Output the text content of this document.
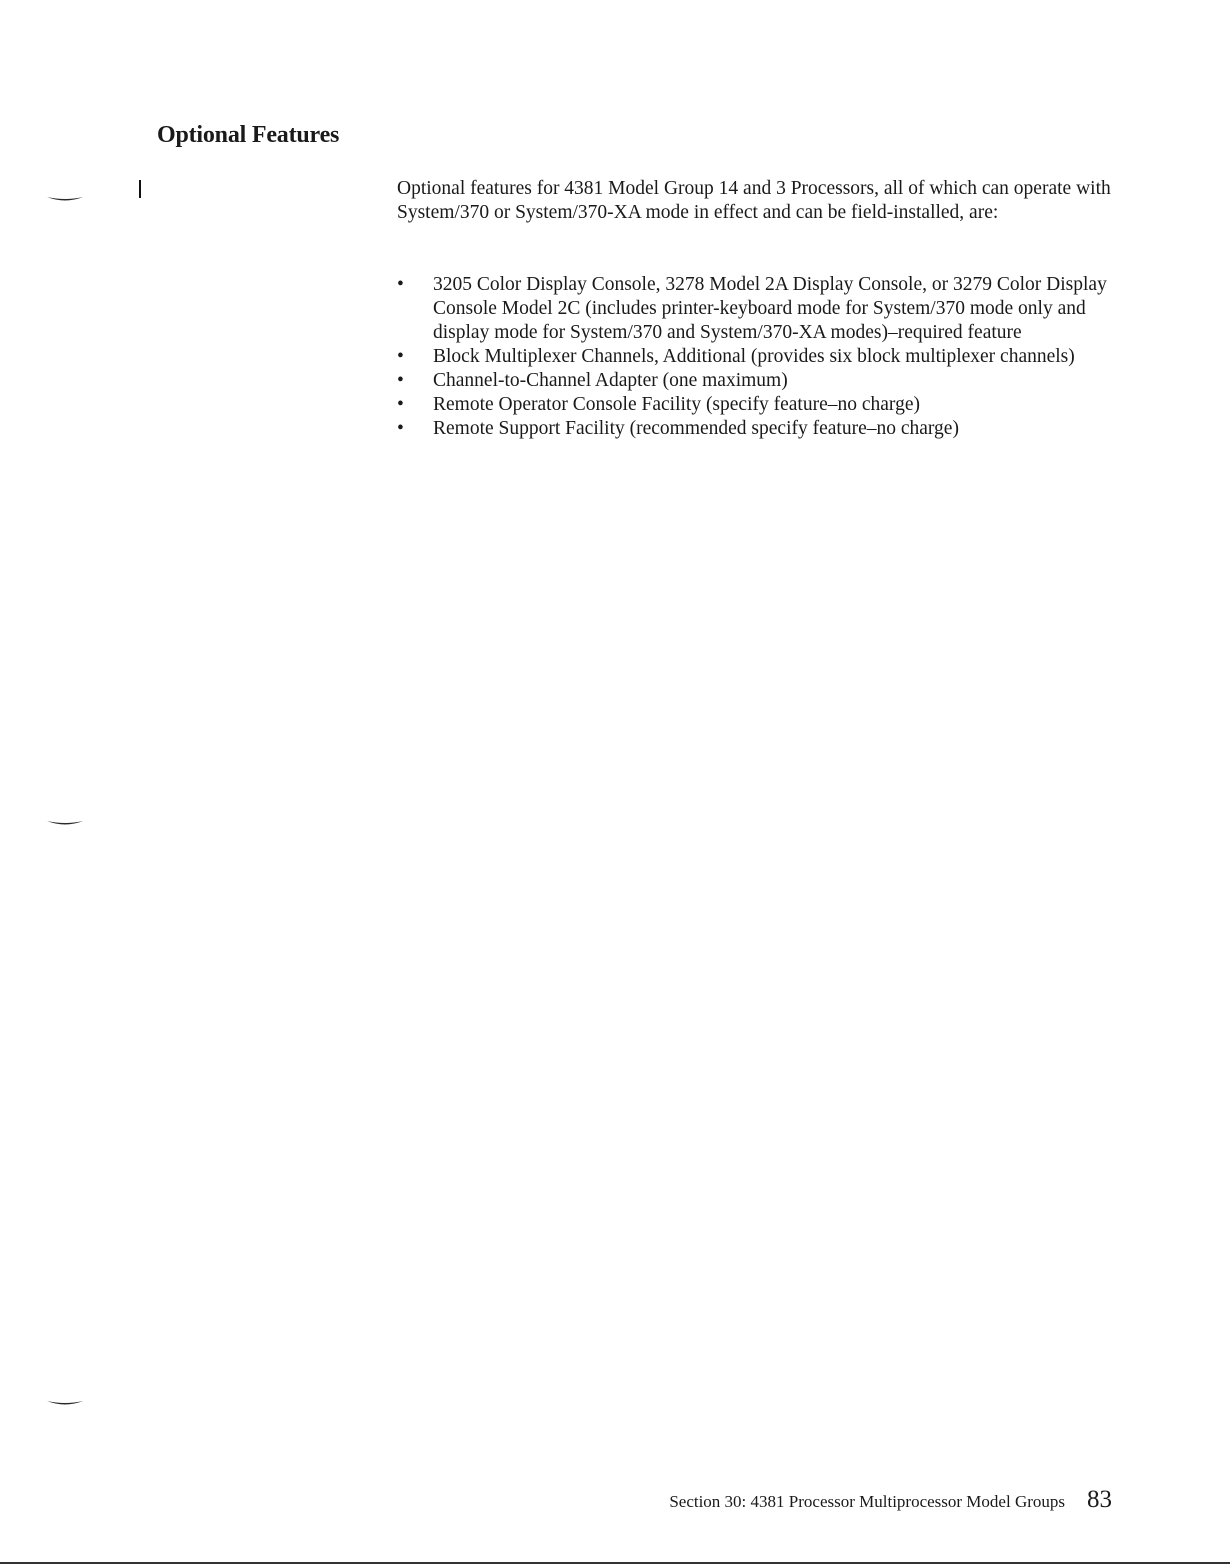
Optional Features

Optional features for 4381 Model Group 14 and 3 Processors, all of which can operate with System/370 or System/370-XA mode in effect and can be field-installed, are:

• 3205 Color Display Console, 3278 Model 2A Display Console, or 3279 Color Display Console Model 2C (includes printer-keyboard mode for System/370 mode only and display mode for System/370 and System/370-XA modes)–required feature
• Block Multiplexer Channels, Additional (provides six block multiplexer channels)
• Channel-to-Channel Adapter (one maximum)
• Remote Operator Console Facility (specify feature–no charge)
• Remote Support Facility (recommended specify feature–no charge)
Section 30: 4381 Processor Multiprocessor Model Groups 83
